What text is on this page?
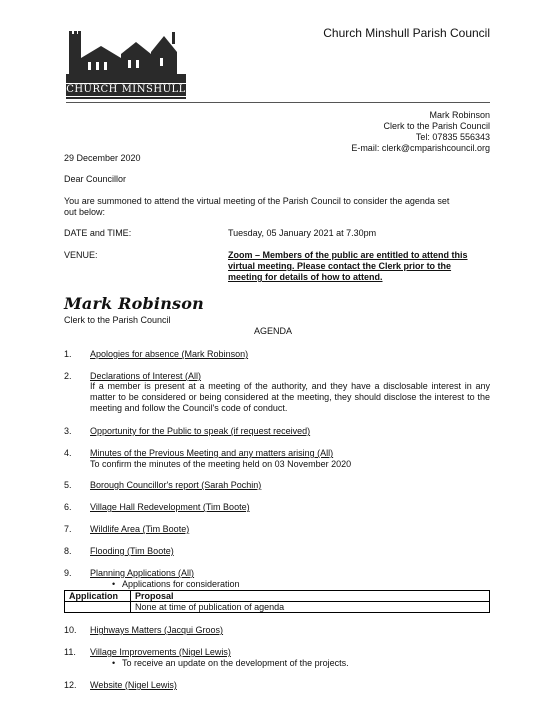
CHURCH MINSHULL
Church Minshull Parish Council
Mark Robinson
Clerk to the Parish Council
Tel: 07835 556343
E-mail: clerk@cmparishcouncil.org
29 December 2020
Dear Councillor
You are summoned to attend the virtual meeting of the Parish Council to consider the agenda set
out below:
DATE and TIME:	Tuesday, 05 January 2021 at 7.30pm
VENUE:	Zoom – Members of the public are entitled to attend this
virtual meeting. Please contact the Clerk prior to the
meeting for details of how to attend.
Mark Robinson
Clerk to the Parish Council
AGENDA
1. Apologies for absence (Mark Robinson)
2. Declarations of Interest (All)
If a member is present at a meeting of the authority, and they have a disclosable interest in any matter to be considered or being considered at the meeting, they should disclose the interest to the meeting and follow the Council's code of conduct.
3. Opportunity for the Public to speak (if request received)
4. Minutes of the Previous Meeting and any matters arising (All)
To confirm the minutes of the meeting held on 03 November 2020
5. Borough Councillor's report (Sarah Pochin)
6. Village Hall Redevelopment (Tim Boote)
7. Wildlife Area (Tim Boote)
8. Flooding (Tim Boote)
9. Planning Applications (All)
• Applications for consideration
Application	Proposal
	None at time of publication of agenda
10. Highways Matters (Jacqui Groos)
11. Village Improvements (Nigel Lewis)
• To receive an update on the development of the projects.
12. Website (Nigel Lewis)
